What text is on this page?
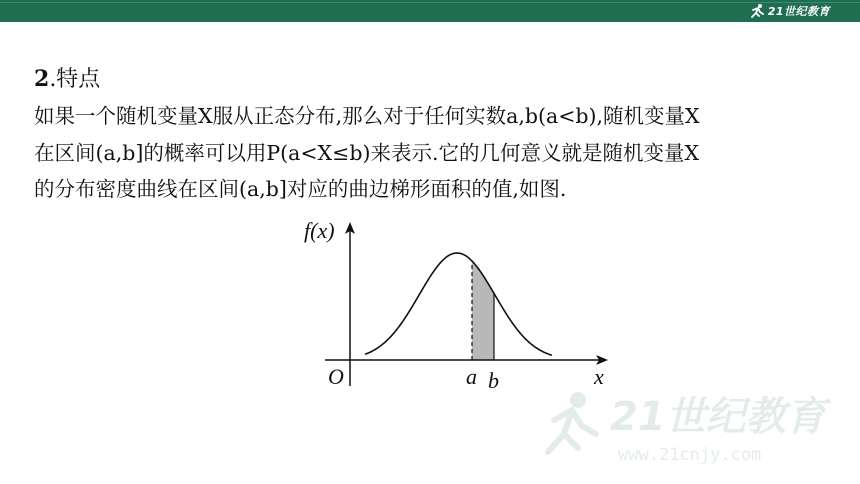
21世纪教育
2.特点
如果一个随机变量X服从正态分布,那么对于任何实数a,b(a<b),随机变量X
在区间(a,b]的概率可以用P(a<X≤b)来表示.它的几何意义就是随机变量X
的分布密度曲线在区间(a,b]对应的曲边梯形面积的值,如图.
f(x)
x
O	a b
21世纪教育
www.21cnjy.com
